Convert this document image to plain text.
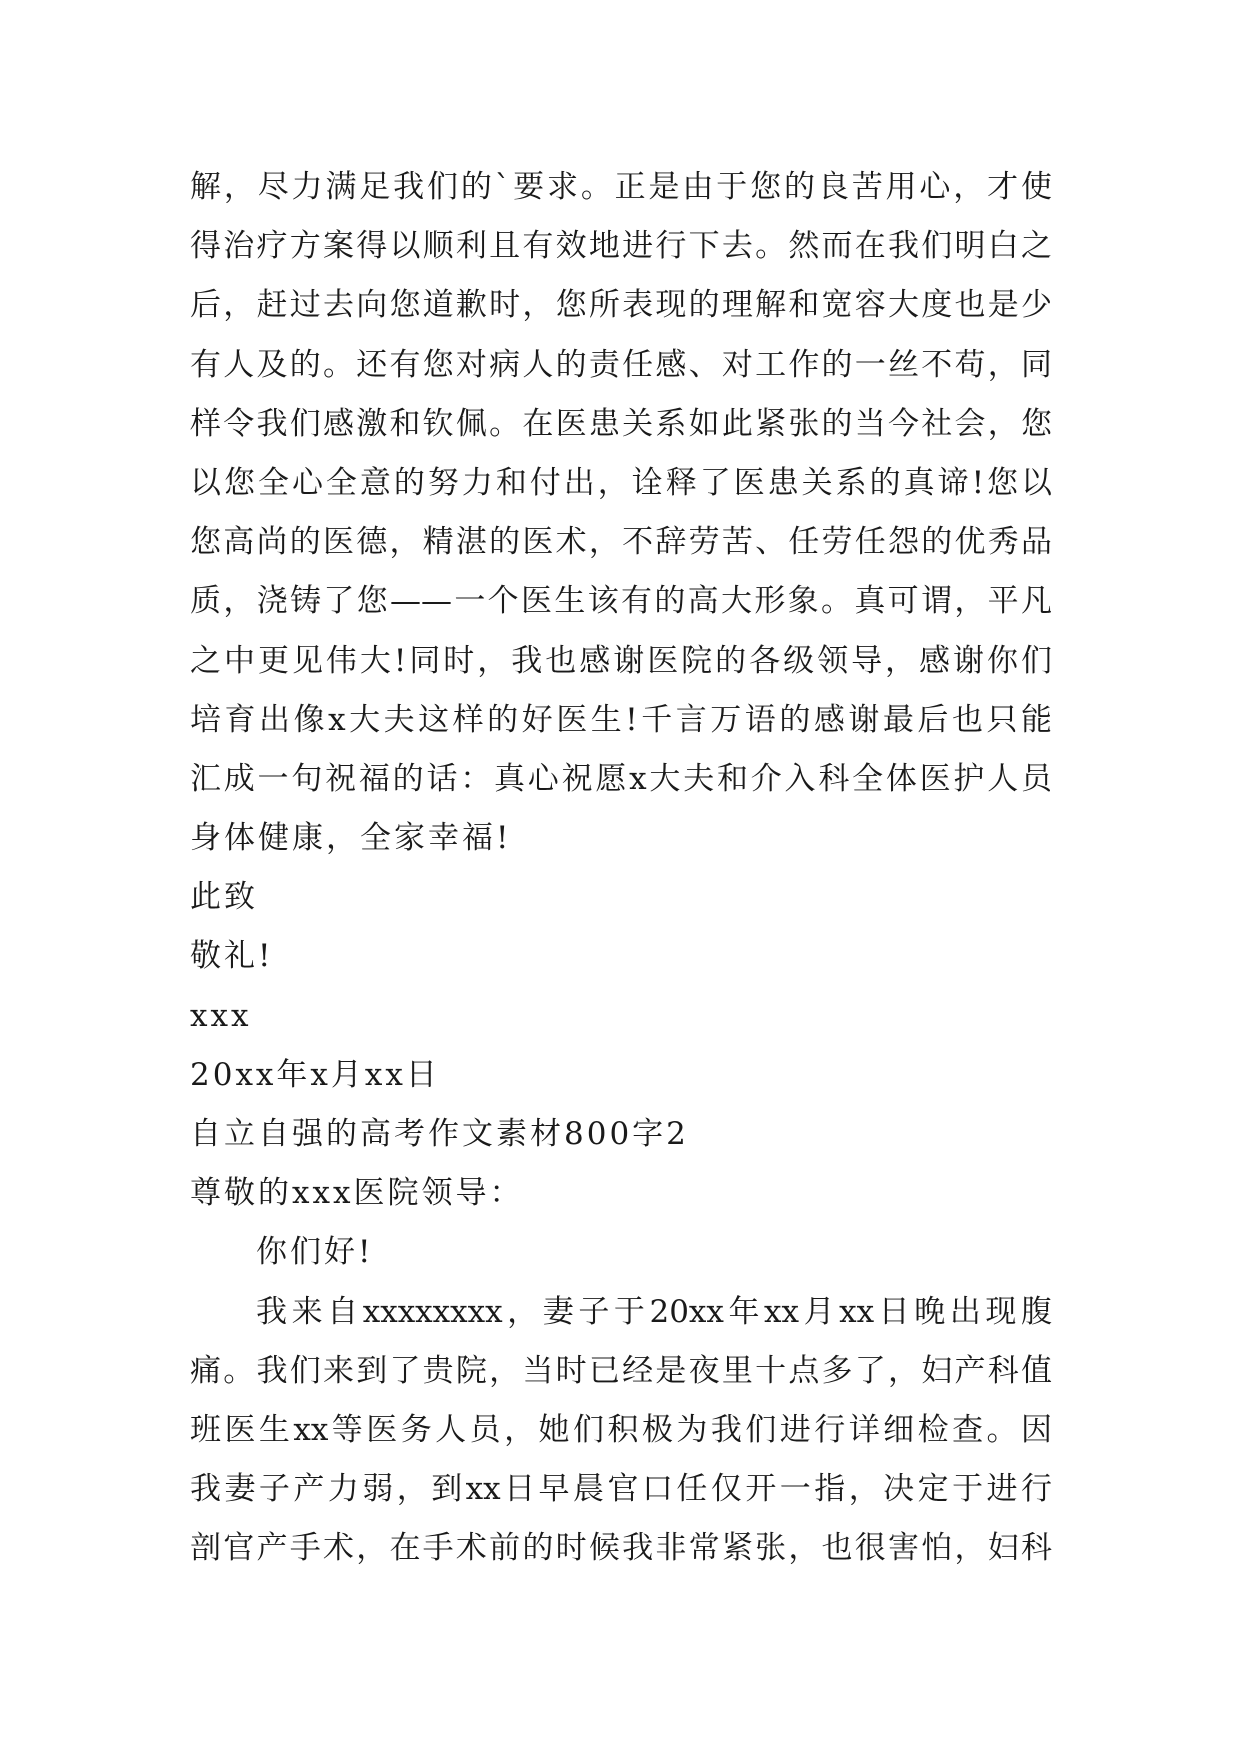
解，尽力满足我们的`要求。正是由于您的良苦用心，才使
得治疗方案得以顺利且有效地进行下去。然而在我们明白之
后，赶过去向您道歉时，您所表现的理解和宽容大度也是少
有人及的。还有您对病人的责任感、对工作的一丝不苟，同
样令我们感激和钦佩。在医患关系如此紧张的当今社会，您
以您全心全意的努力和付出，诠释了医患关系的真谛!您以
您高尚的医德，精湛的医术，不辞劳苦、任劳任怨的优秀品
质，浇铸了您——一个医生该有的高大形象。真可谓，平凡
之中更见伟大!同时，我也感谢医院的各级领导，感谢你们
培育出像x大夫这样的好医生!千言万语的感谢最后也只能
汇成一句祝福的话：真心祝愿x大夫和介入科全体医护人员
身体健康，全家幸福!
此致
敬礼!
xxx
20xx年x月xx日
自立自强的高考作文素材800字2
尊敬的xxx医院领导：
你们好!
我来自xxxxxxxx，妻子于20xx年xx月xx日晚出现腹
痛。我们来到了贵院，当时已经是夜里十点多了，妇产科值
班医生xx等医务人员，她们积极为我们进行详细检查。因
我妻子产力弱，到xx日早晨官口任仅开一指，决定于进行
剖官产手术，在手术前的时候我非常紧张，也很害怕，妇科
